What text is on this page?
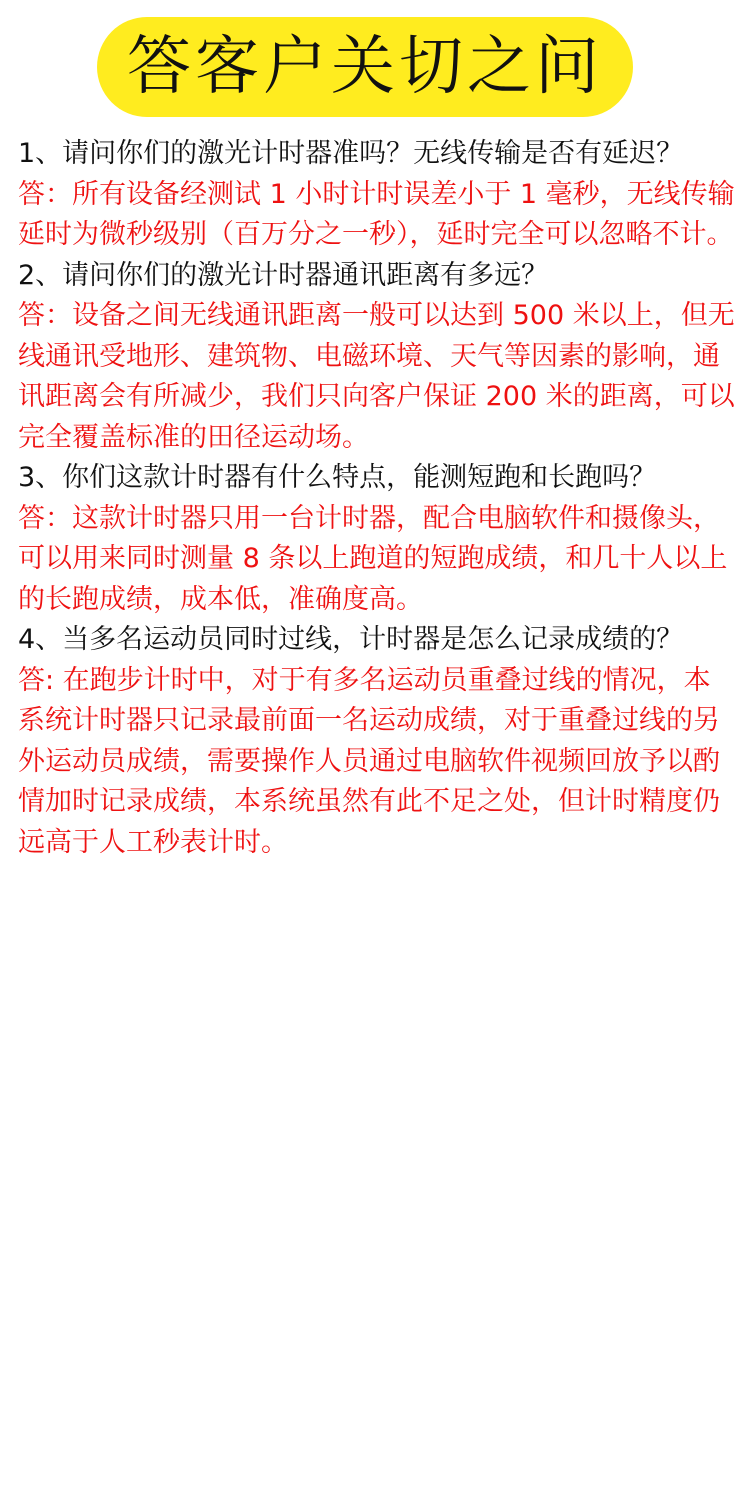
答客户关切之问

1、请问你们的激光计时器准吗？无线传输是否有延迟？

答：所有设备经测试 1 小时计时误差小于 1 毫秒，无线传输延时为微秒级别（百万分之一秒），延时完全可以忽略不计。

2、请问你们的激光计时器通讯距离有多远？

答：设备之间无线通讯距离一般可以达到 500 米以上，但无线通讯受地形、建筑物、电磁环境、天气等因素的影响，通讯距离会有所减少，我们只向客户保证 200 米的距离，可以完全覆盖标准的田径运动场。

3、你们这款计时器有什么特点，能测短跑和长跑吗？

答：这款计时器只用一台计时器，配合电脑软件和摄像头，可以用来同时测量 8 条以上跑道的短跑成绩，和几十人以上的长跑成绩，成本低，准确度高。

4、当多名运动员同时过线，计时器是怎么记录成绩的？

答: 在跑步计时中，对于有多名运动员重叠过线的情况，本系统计时器只记录最前面一名运动成绩，对于重叠过线的另外运动员成绩，需要操作人员通过电脑软件视频回放予以酌情加时记录成绩，本系统虽然有此不足之处，但计时精度仍远高于人工秒表计时。
